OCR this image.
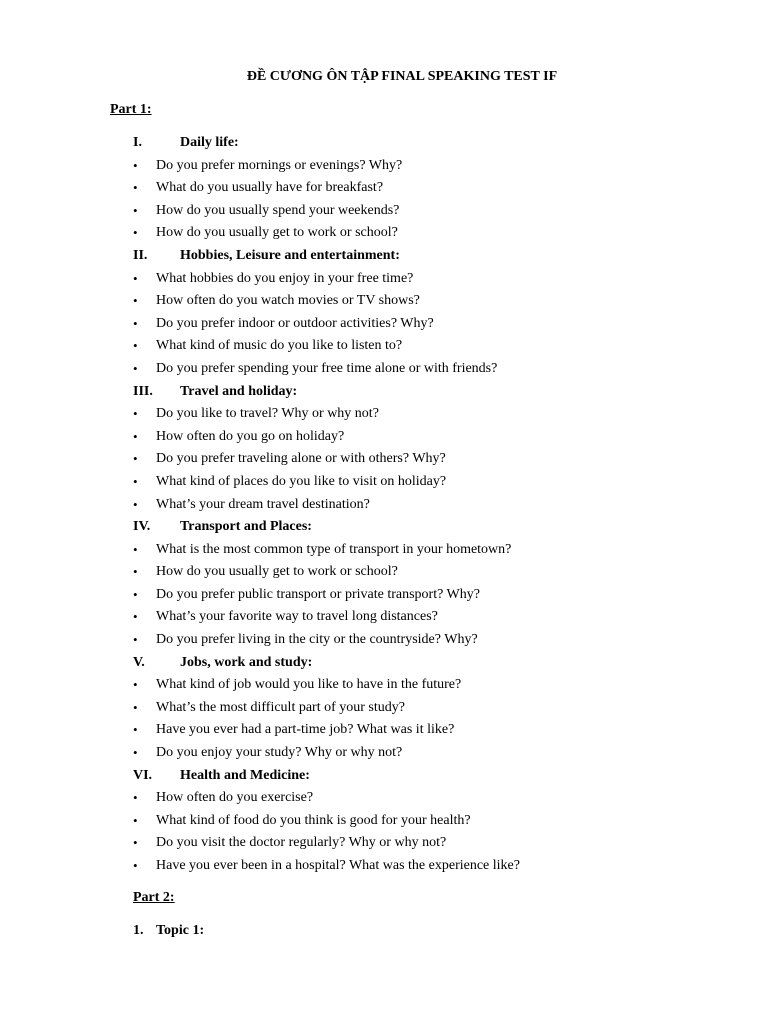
ĐỀ CƯƠNG ÔN TẬP FINAL SPEAKING TEST IF
Part 1:
I.	Daily life:
• Do you prefer mornings or evenings? Why?
• What do you usually have for breakfast?
• How do you usually spend your weekends?
• How do you usually get to work or school?
II. Hobbies, Leisure and entertainment:
• What hobbies do you enjoy in your free time?
• How often do you watch movies or TV shows?
• Do you prefer indoor or outdoor activities? Why?
• What kind of music do you like to listen to?
• Do you prefer spending your free time alone or with friends?
III. Travel and holiday:
• Do you like to travel? Why or why not?
• How often do you go on holiday?
• Do you prefer traveling alone or with others? Why?
• What kind of places do you like to visit on holiday?
• What’s your dream travel destination?
IV. Transport and Places:
• What is the most common type of transport in your hometown?
• How do you usually get to work or school?
• Do you prefer public transport or private transport? Why?
• What’s your favorite way to travel long distances?
• Do you prefer living in the city or the countryside? Why?
V.	Jobs, work and study:
• What kind of job would you like to have in the future?
• What’s the most difficult part of your study?
• Have you ever had a part-time job? What was it like?
• Do you enjoy your study? Why or why not?
VI. Health and Medicine:
• How often do you exercise?
• What kind of food do you think is good for your health?
• Do you visit the doctor regularly? Why or why not?
• Have you ever been in a hospital? What was the experience like?
Part 2:
1. Topic 1:
